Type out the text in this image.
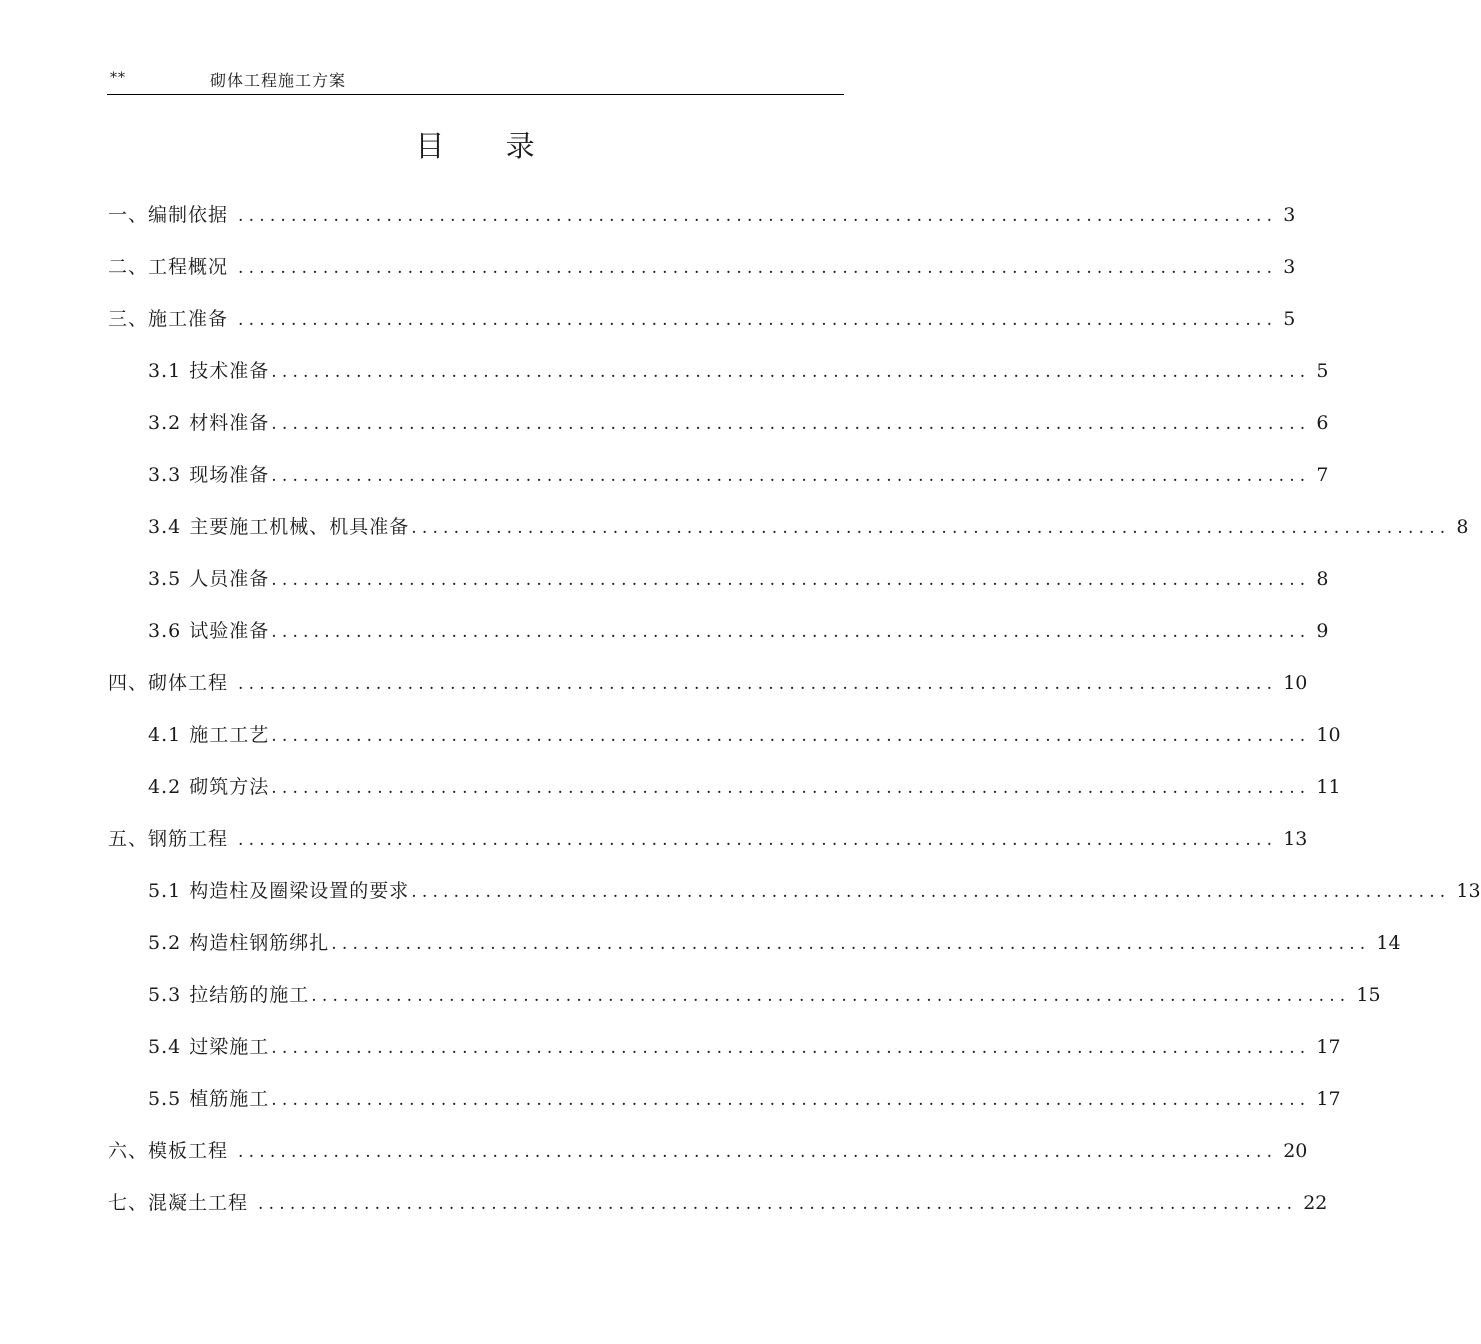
**	砌体工程施工方案
目 录
一、编制依据 .................................................................................................. 3
二、工程概况 .................................................................................................. 3
三、施工准备 .................................................................................................. 5
3.1 技术准备 .................................................................................................. 5
3.2 材料准备 .................................................................................................. 6
3.3 现场准备 .................................................................................................. 7
3.4 主要施工机械、机具准备 .................................................................................................. 8
3.5 人员准备 .................................................................................................. 8
3.6 试验准备 .................................................................................................. 9
四、砌体工程 .................................................................................................. 10
4.1 施工工艺 .................................................................................................. 10
4.2 砌筑方法 .................................................................................................. 11
五、钢筋工程 .................................................................................................. 13
5.1 构造柱及圈梁设置的要求 .................................................................................................. 13
5.2 构造柱钢筋绑扎 .................................................................................................. 14
5.3 拉结筋的施工 .................................................................................................. 15
5.4 过梁施工 .................................................................................................. 17
5.5 植筋施工 .................................................................................................. 17
六、模板工程 .................................................................................................. 20
七、混凝土工程 .................................................................................................. 22
